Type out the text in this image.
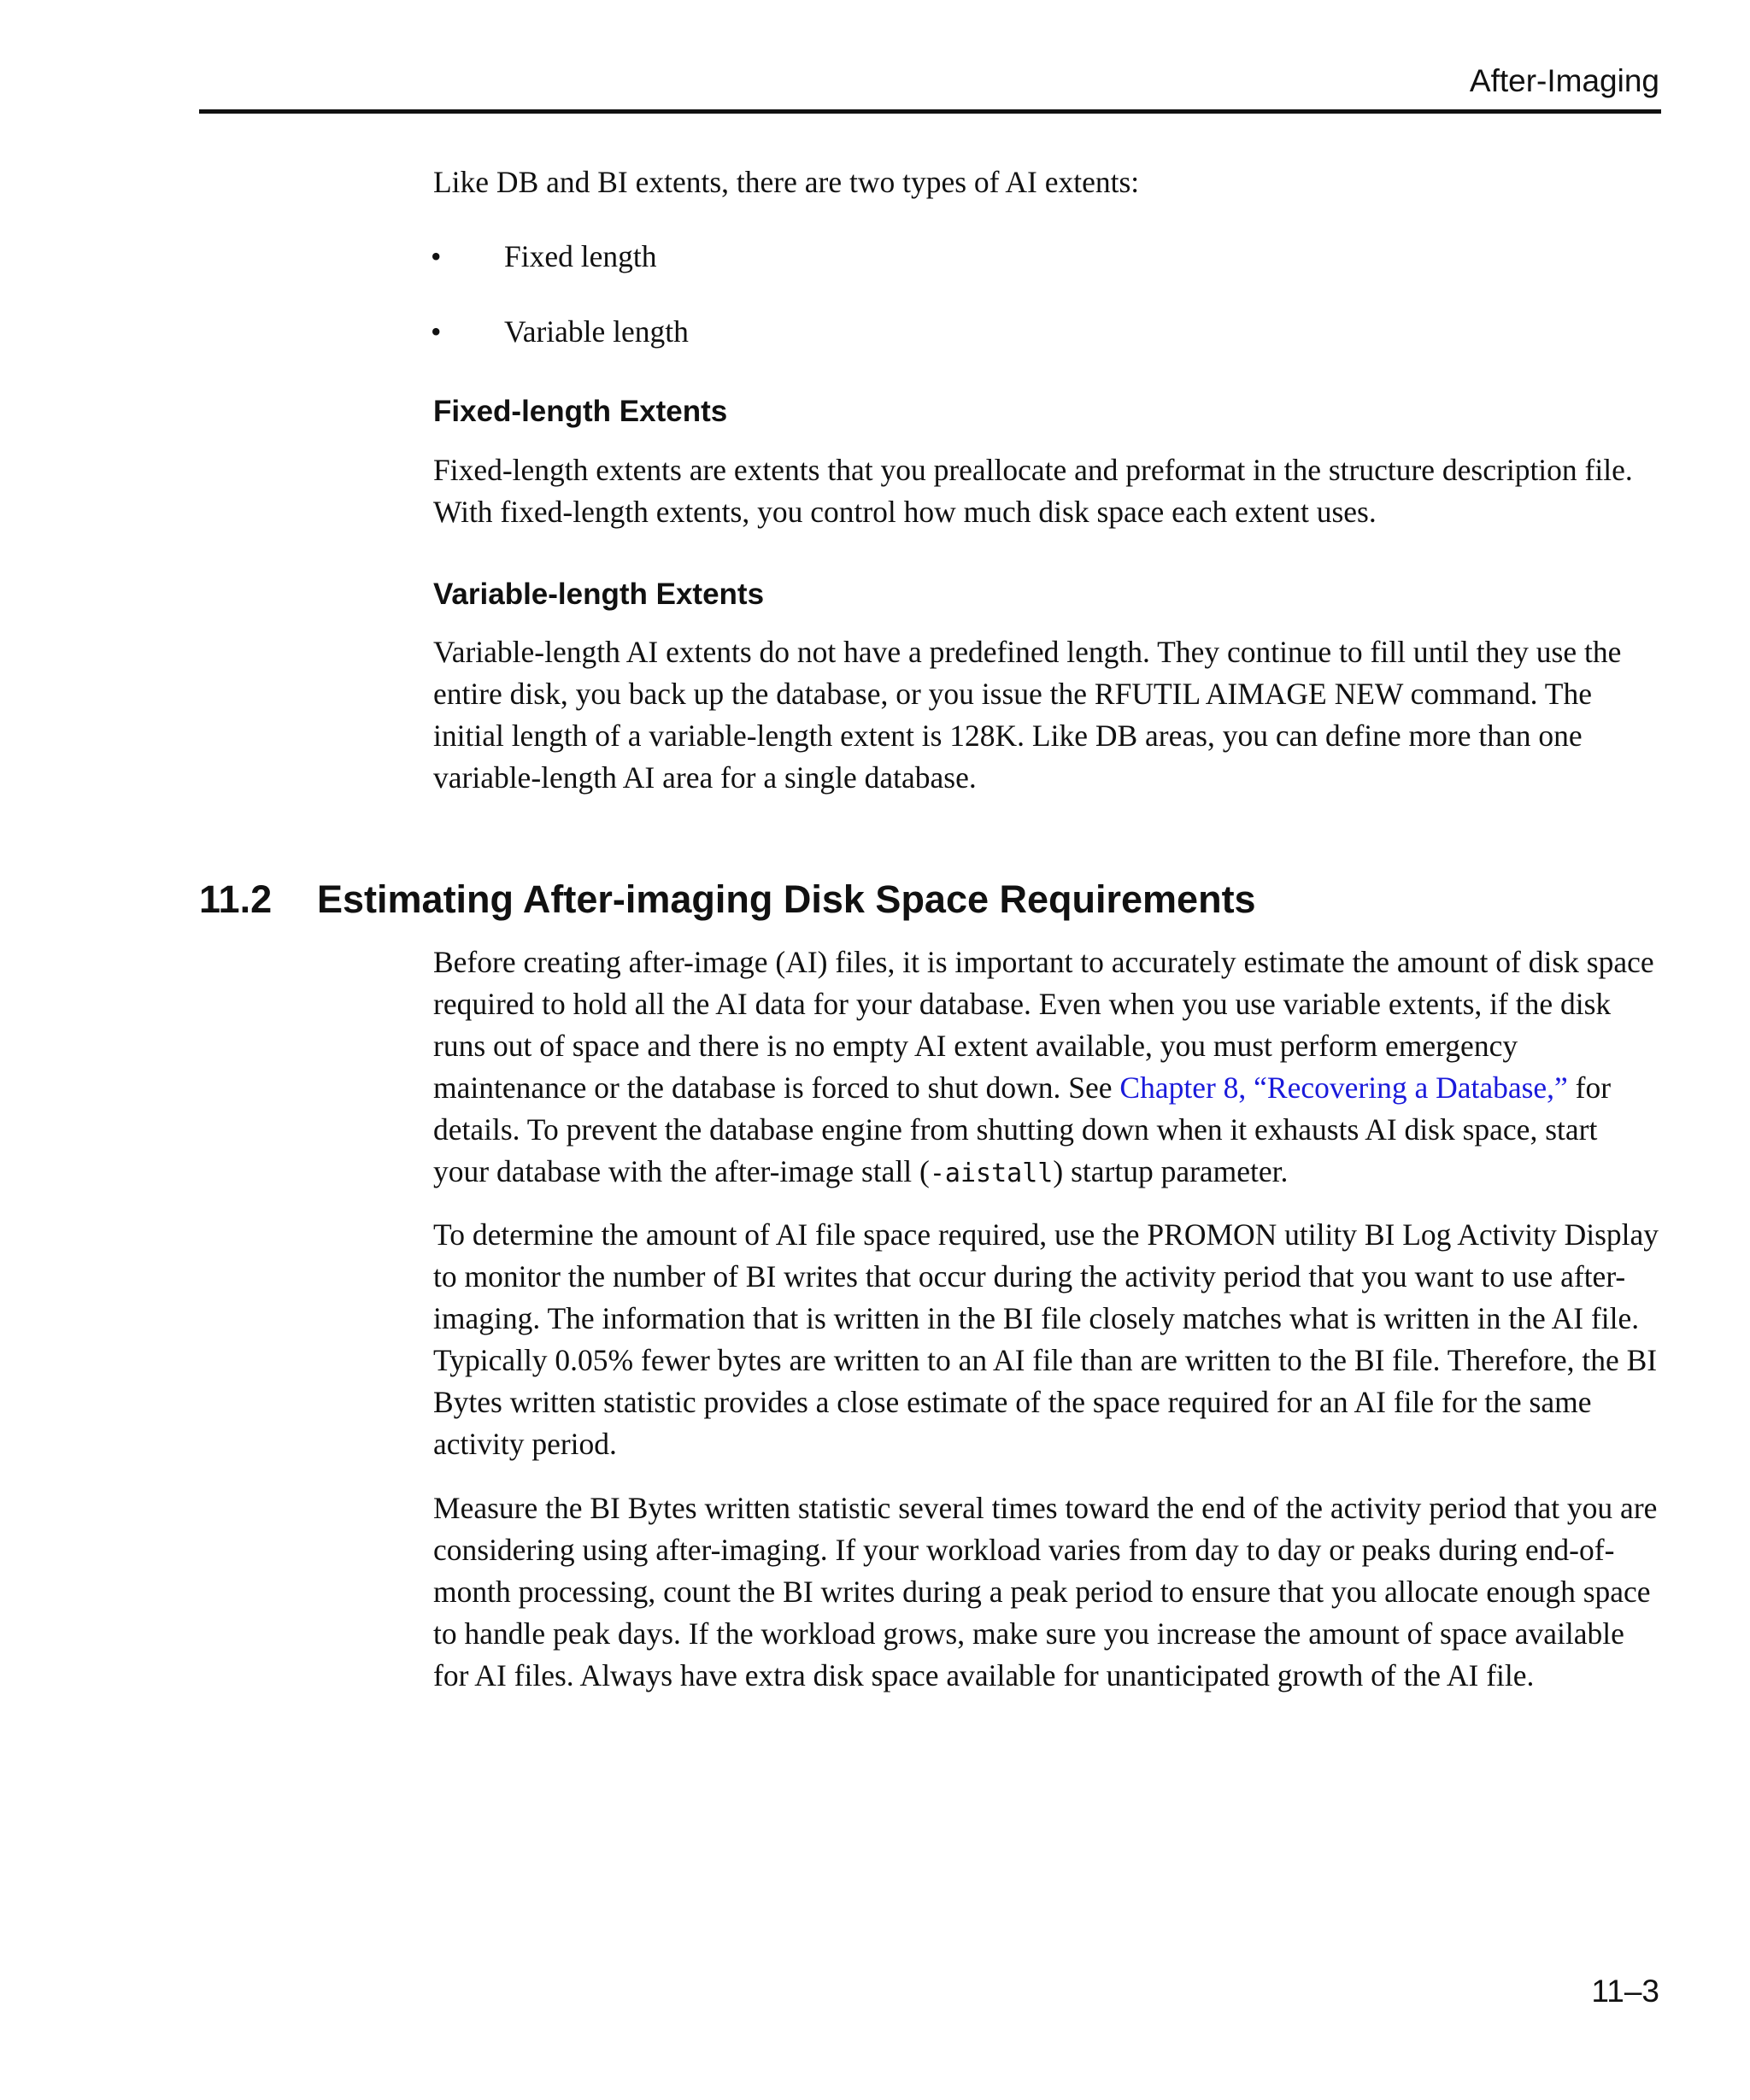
After-Imaging

Like DB and BI extents, there are two types of AI extents:

• Fixed length
• Variable length
Fixed-length Extents

Fixed-length extents are extents that you preallocate and preformat in the structure description file. With fixed-length extents, you control how much disk space each extent uses.

Variable-length Extents

Variable-length AI extents do not have a predefined length. They continue to fill until they use the entire disk, you back up the database, or you issue the RFUTIL AIMAGE NEW command. The initial length of a variable-length extent is 128K. Like DB areas, you can define more than one variable-length AI area for a single database.

11.2 Estimating After-imaging Disk Space Requirements

Before creating after-image (AI) files, it is important to accurately estimate the amount of disk space required to hold all the AI data for your database. Even when you use variable extents, if the disk runs out of space and there is no empty AI extent available, you must perform emergency maintenance or the database is forced to shut down. See Chapter 8, “Recovering a Database,” for details. To prevent the database engine from shutting down when it exhausts AI disk space, start your database with the after-image stall (-aistall) startup parameter.

To determine the amount of AI file space required, use the PROMON utility BI Log Activity Display to monitor the number of BI writes that occur during the activity period that you want to use after-imaging. The information that is written in the BI file closely matches what is written in the AI file. Typically 0.05% fewer bytes are written to an AI file than are written to the BI file. Therefore, the BI Bytes written statistic provides a close estimate of the space required for an AI file for the same activity period.

Measure the BI Bytes written statistic several times toward the end of the activity period that you are considering using after-imaging. If your workload varies from day to day or peaks during end-of-month processing, count the BI writes during a peak period to ensure that you allocate enough space to handle peak days. If the workload grows, make sure you increase the amount of space available for AI files. Always have extra disk space available for unanticipated growth of the AI file.

11–3
